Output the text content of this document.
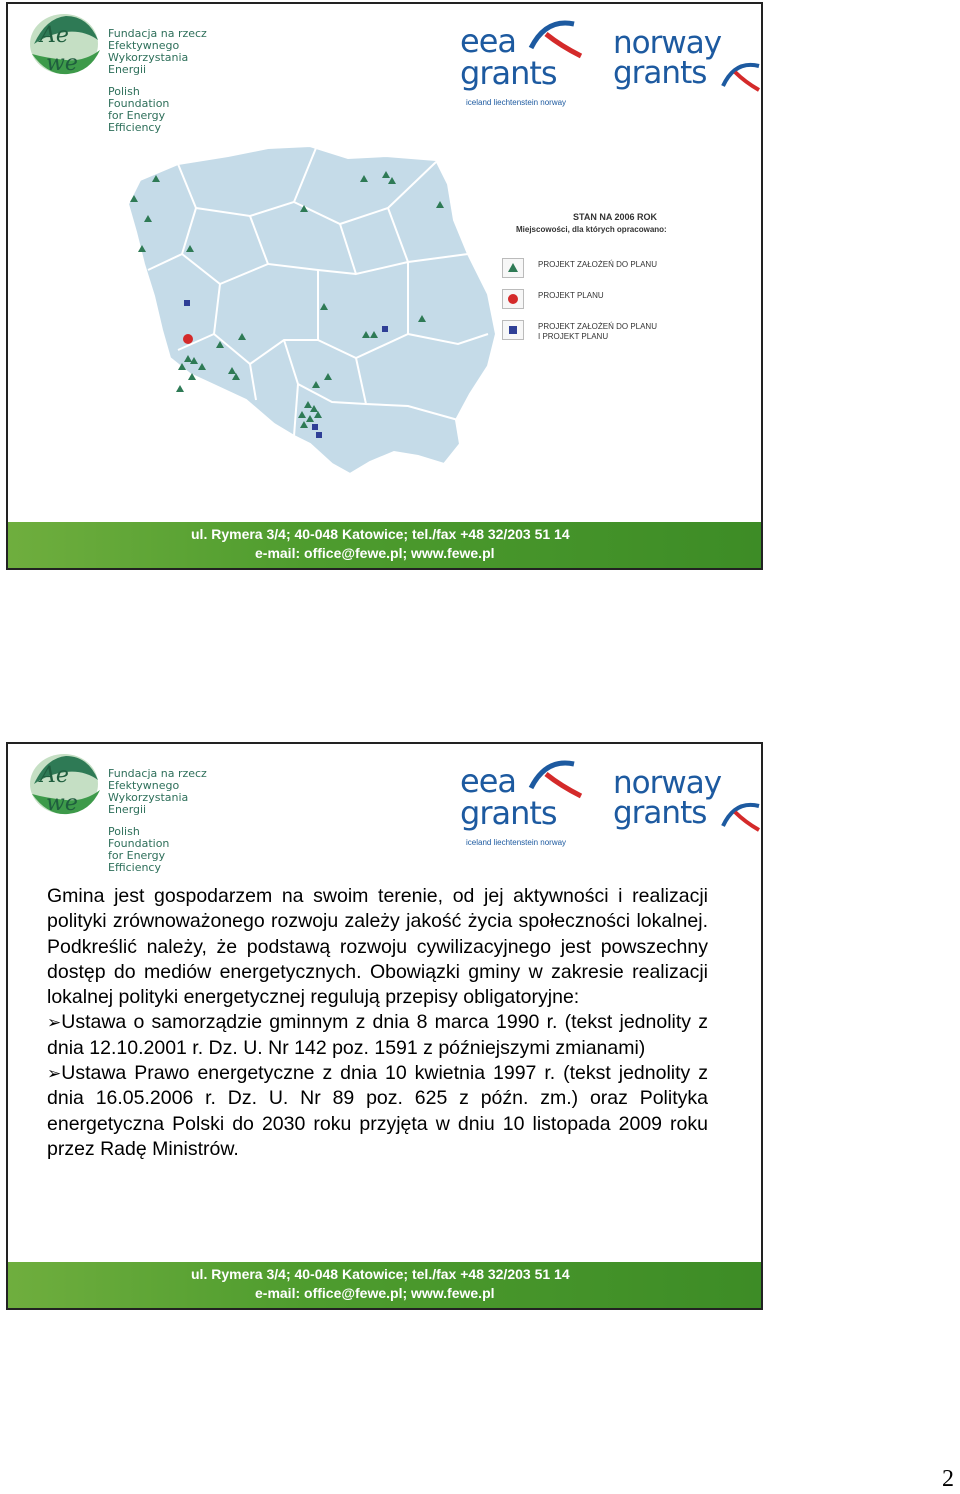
Ae
we
Fundacja na rzecz
Efektywnego
Wykorzystania
Energii
Polish
Foundation
for Energy
Efficiency
eea
grants
iceland liechtenstein norway
norway
grants
STAN NA 2006 ROK
Miejscowości, dla których opracowano:
PROJEKT ZAŁOŻEŃ DO PLANU
PROJEKT PLANU
PROJEKT ZAŁOŻEŃ DO PLANU
I PROJEKT PLANU
ul. Rymera 3/4; 40-048 Katowice; tel./fax +48 32/203 51 14
e-mail: office@fewe.pl; www.fewe.pl
Ae
we
Fundacja na rzecz
Efektywnego
Wykorzystania
Energii
Polish
Foundation
for Energy
Efficiency
eea
grants
iceland liechtenstein norway
norway
grants

Gmina jest gospodarzem na swoim terenie, od jej aktywności i realizacji polityki zrównoważonego rozwoju zależy jakość życia społeczności lokalnej. Podkreślić należy, że podstawą rozwoju cywilizacyjnego jest powszechny dostęp do mediów energetycznych. Obowiązki gminy w zakresie realizacji lokalnej polityki energetycznej regulują przepisy obligatoryjne:

➢Ustawa o samorządzie gminnym z dnia 8 marca 1990 r. (tekst jednolity z dnia 12.10.2001 r. Dz. U. Nr 142 poz. 1591 z późniejszymi zmianami)

➢Ustawa Prawo energetyczne z dnia 10 kwietnia 1997 r. (tekst jednolity z dnia 16.05.2006 r. Dz. U. Nr 89 poz. 625 z późn. zm.) oraz Polityka energetyczna Polski do 2030 roku przyjęta w dniu 10 listopada 2009 roku przez Radę Ministrów.

ul. Rymera 3/4; 40-048 Katowice; tel./fax +48 32/203 51 14
e-mail: office@fewe.pl; www.fewe.pl
2
